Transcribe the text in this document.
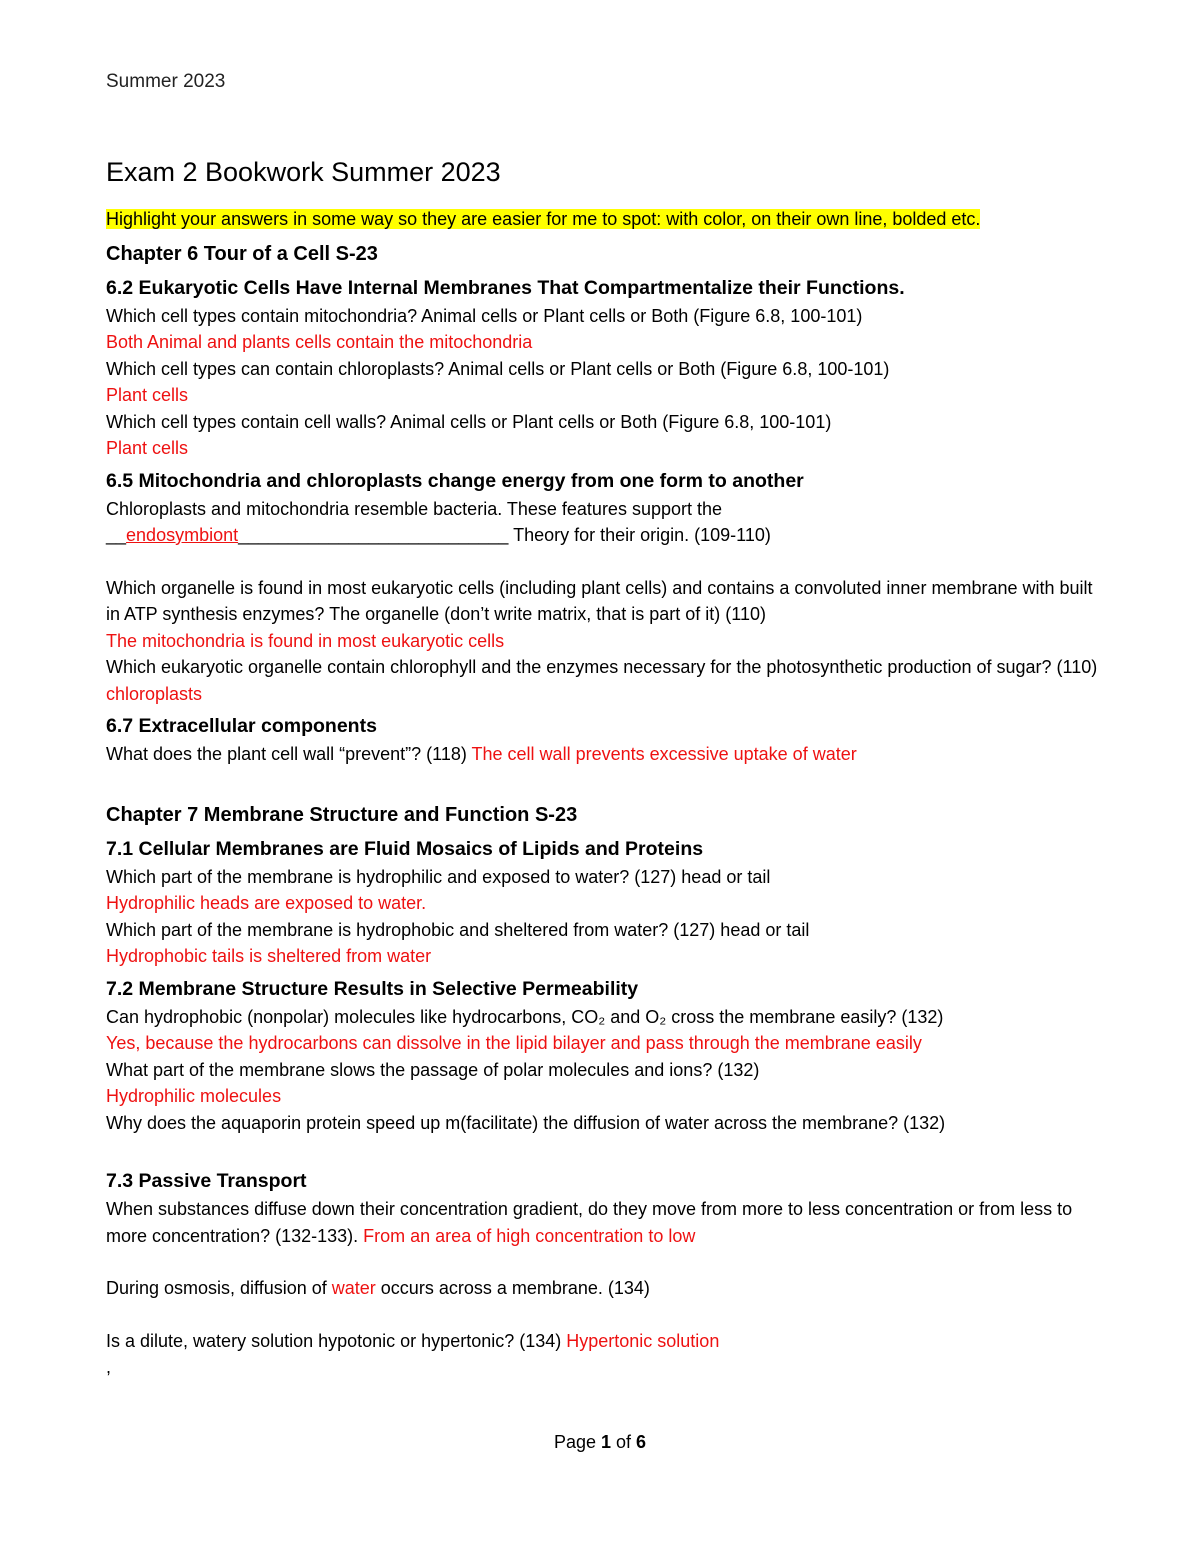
Summer 2023
Exam 2 Bookwork Summer 2023
Highlight your answers in some way so they are easier for me to spot: with color, on their own line, bolded etc.
Chapter 6 Tour of a Cell S-23
6.2 Eukaryotic Cells Have Internal Membranes That Compartmentalize their Functions.
Which cell types contain mitochondria? Animal cells or Plant cells or Both (Figure 6.8, 100-101)
Both Animal and plants cells contain the mitochondria
Which cell types can contain chloroplasts? Animal cells or Plant cells or Both (Figure 6.8, 100-101)
Plant cells
Which cell types contain cell walls? Animal cells or Plant cells or Both (Figure 6.8, 100-101)
Plant cells
6.5 Mitochondria and chloroplasts change energy from one form to another
Chloroplasts and mitochondria resemble bacteria. These features support the
__endosymbiont___________________________ Theory for their origin. (109-110)
Which organelle is found in most eukaryotic cells (including plant cells) and contains a convoluted inner membrane with built in ATP synthesis enzymes? The organelle (don’t write matrix, that is part of it) (110)
The mitochondria is found in most eukaryotic cells
Which eukaryotic organelle contain chlorophyll and the enzymes necessary for the photosynthetic production of sugar? (110)
chloroplasts
6.7 Extracellular components
What does the plant cell wall “prevent”? (118) The cell wall prevents excessive uptake of water
Chapter 7 Membrane Structure and Function S-23
7.1 Cellular Membranes are Fluid Mosaics of Lipids and Proteins
Which part of the membrane is hydrophilic and exposed to water? (127) head or tail
Hydrophilic heads are exposed to water.
Which part of the membrane is hydrophobic and sheltered from water? (127) head or tail
Hydrophobic tails is sheltered from water
7.2 Membrane Structure Results in Selective Permeability
Can hydrophobic (nonpolar) molecules like hydrocarbons, CO₂ and O₂ cross the membrane easily? (132)
Yes, because the hydrocarbons can dissolve in the lipid bilayer and pass through the membrane easily
What part of the membrane slows the passage of polar molecules and ions? (132)
Hydrophilic molecules
Why does the aquaporin protein speed up m(facilitate) the diffusion of water across the membrane? (132)
7.3 Passive Transport
When substances diffuse down their concentration gradient, do they move from more to less concentration or from less to more concentration? (132-133). From an area of high concentration to low
During osmosis, diffusion of water occurs across a membrane. (134)
Is a dilute, watery solution hypotonic or hypertonic? (134) Hypertonic solution
,
Page 1 of 6
